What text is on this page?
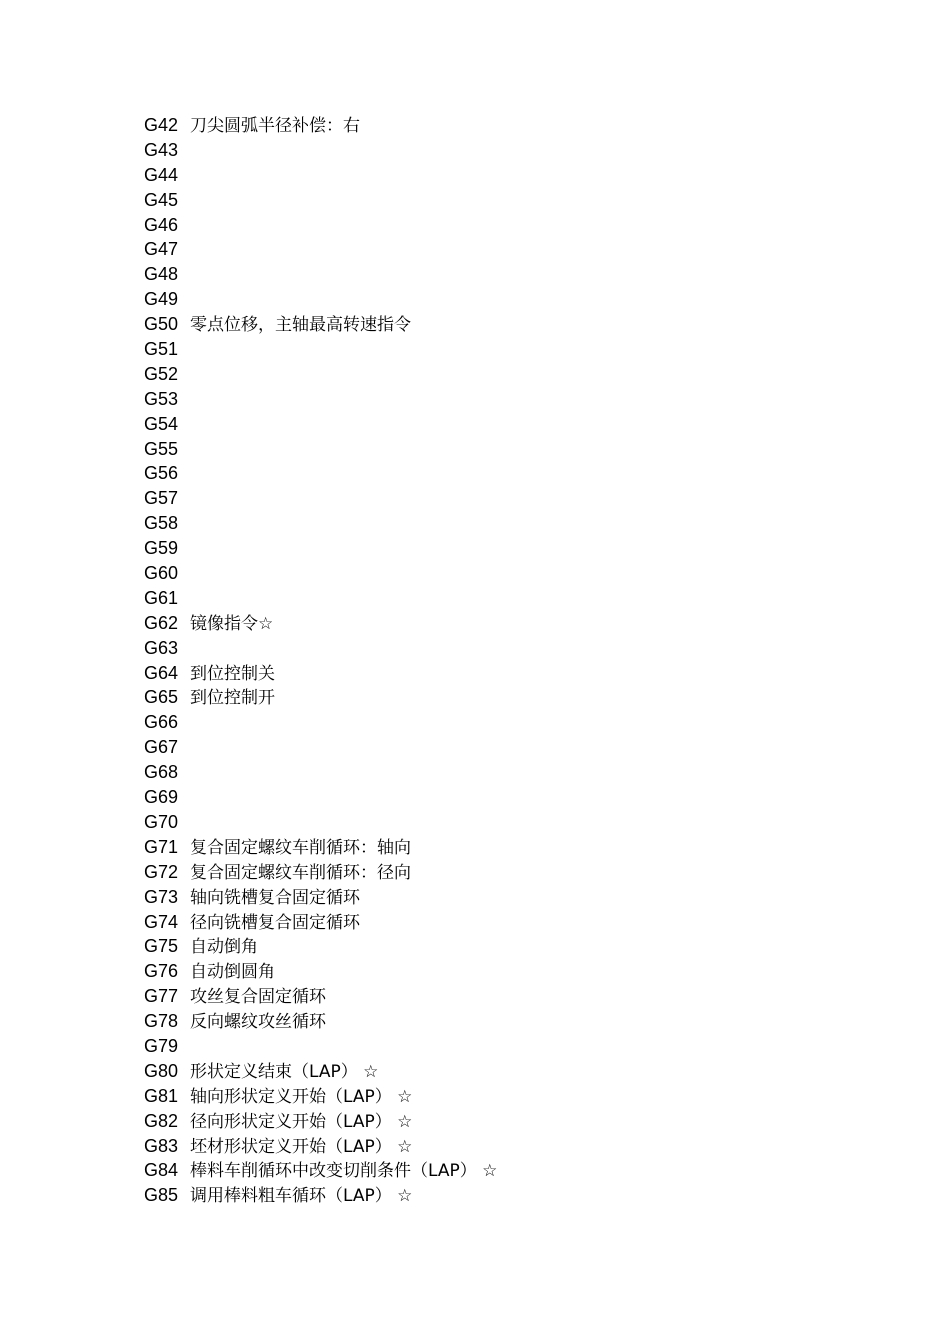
G42 刀尖圆弧半径补偿：右
G43
G44
G45
G46
G47
G48
G49
G50 零点位移，主轴最高转速指令
G51
G52
G53
G54
G55
G56
G57
G58
G59
G60
G61
G62 镜像指令☆
G63
G64 到位控制关
G65 到位控制开
G66
G67
G68
G69
G70
G71 复合固定螺纹车削循环：轴向
G72 复合固定螺纹车削循环：径向
G73 轴向铣槽复合固定循环
G74 径向铣槽复合固定循环
G75 自动倒角
G76 自动倒圆角
G77 攻丝复合固定循环
G78 反向螺纹攻丝循环
G79
G80 形状定义结束（LAP） ☆
G81 轴向形状定义开始（LAP） ☆
G82 径向形状定义开始（LAP） ☆
G83 坯材形状定义开始（LAP） ☆
G84 棒料车削循环中改变切削条件（LAP） ☆
G85 调用棒料粗车循环（LAP） ☆
